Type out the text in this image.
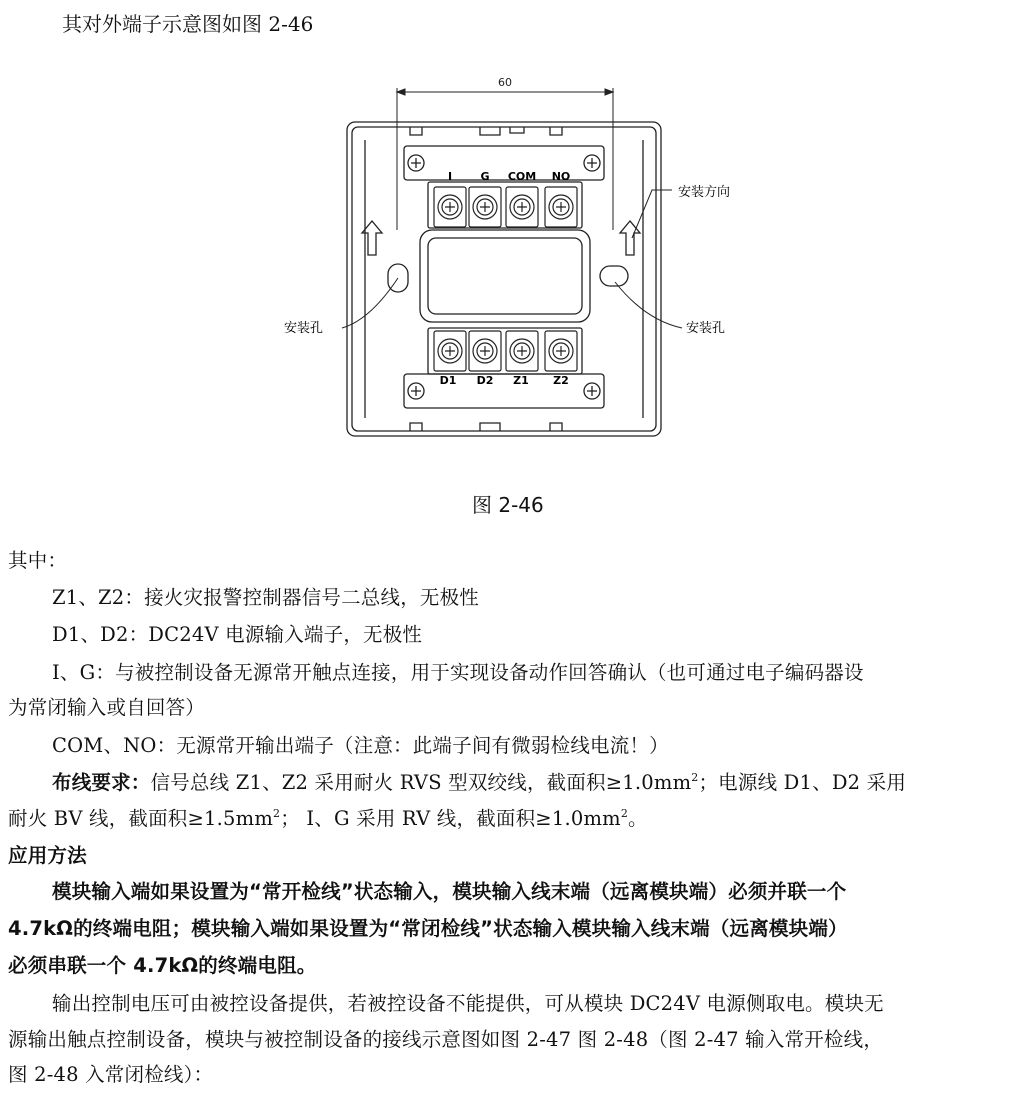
其对外端子示意图如图 2-46
60
I	G COM NO
D1 D2 Z1 Z2
安装方向
安装孔	安装孔
图 2-46
其中：
Z1、Z2：接火灾报警控制器信号二总线，无极性
D1、D2：DC24V 电源输入端子，无极性
I、G：与被控制设备无源常开触点连接，用于实现设备动作回答确认（也可通过电子编码器设
为常闭输入或自回答）
COM、NO：无源常开输出端子（注意：此端子间有微弱检线电流！）
布线要求：信号总线 Z1、Z2 采用耐火 RVS 型双绞线，截面积$\ge 1.0mm^2$；电源线 D1、D2 采用
耐火 BV 线，截面积$\ge 1.5mm^2$； I、G 采用 RV 线，截面积$\ge 1.0mm^2$。
应用方法
模块输入端如果设置为“常开检线”状态输入，模块输入线末端（远离模块端）必须并联一个
4.7kΩ的终端电阻；模块输入端如果设置为“常闭检线”状态输入模块输入线末端（远离模块端）
必须串联一个 4.7kΩ的终端电阻。
输出控制电压可由被控设备提供，若被控设备不能提供，可从模块 DC24V 电源侧取电。模块无
源输出触点控制设备，模块与被控制设备的接线示意图如图 2-47 图 2-48（图 2-47 输入常开检线，
图 2-48 入常闭检线）：
